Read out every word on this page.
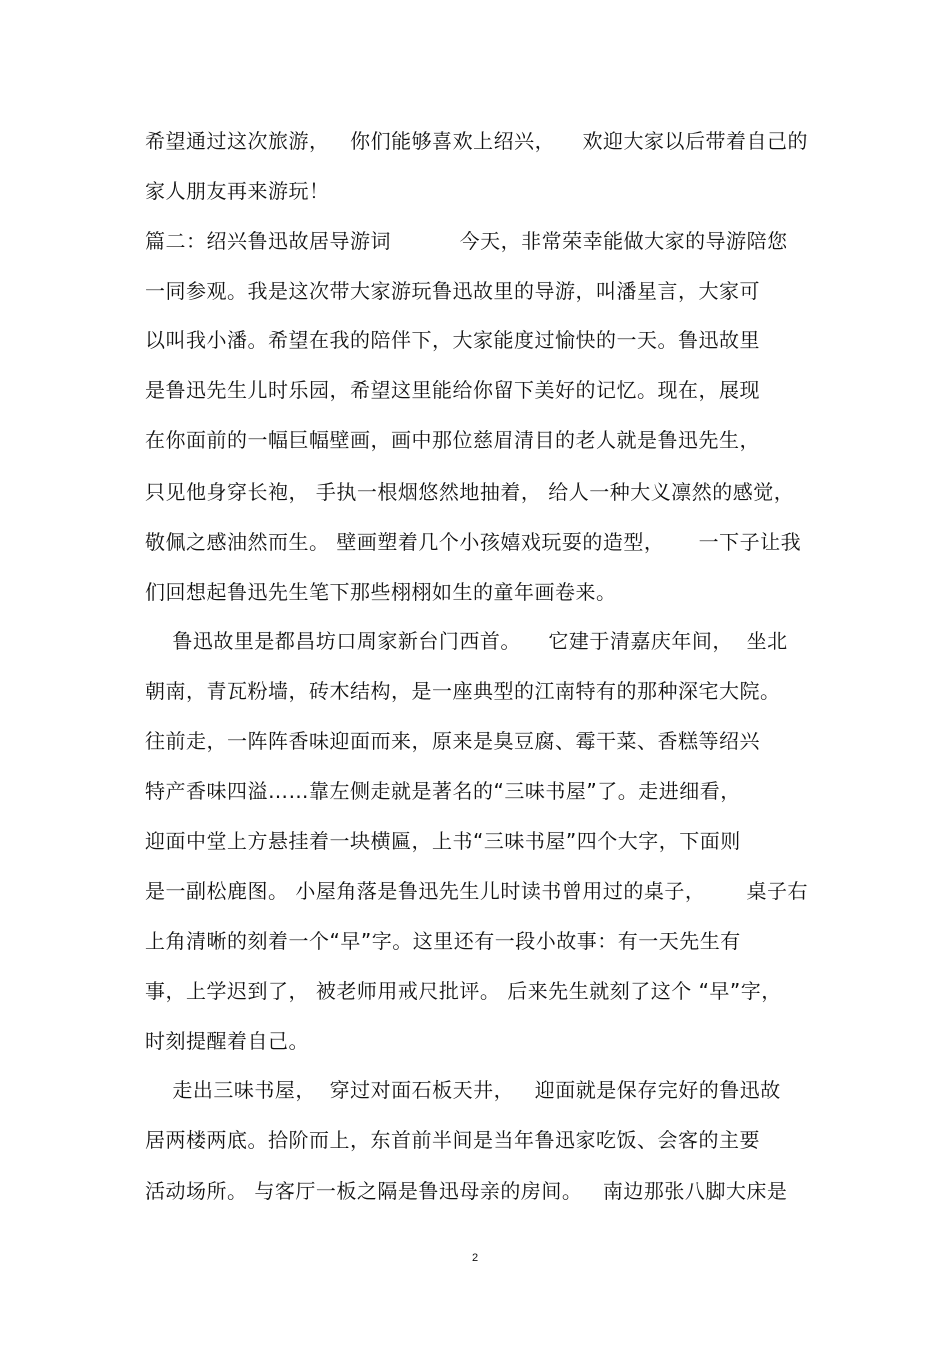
希望通过这次旅游，   你们能够喜欢上绍兴，    欢迎大家以后带着自己的
家人朋友再来游玩！
篇二：绍兴鲁迅故居导游词          今天，非常荣幸能做大家的导游陪您
一同参观。我是这次带大家游玩鲁迅故里的导游，叫潘星言，大家可
以叫我小潘。希望在我的陪伴下，大家能度过愉快的一天。鲁迅故里
是鲁迅先生儿时乐园，希望这里能给你留下美好的记忆。现在，展现
在你面前的一幅巨幅壁画，画中那位慈眉清目的老人就是鲁迅先生，
只见他身穿长袍， 手执一根烟悠然地抽着， 给人一种大义凛然的感觉，
敬佩之感油然而生。 壁画塑着几个小孩嬉戏玩耍的造型，     一下子让我
们回想起鲁迅先生笔下那些栩栩如生的童年画卷来。
鲁迅故里是都昌坊口周家新台门西首。    它建于清嘉庆年间，  坐北
朝南，青瓦粉墙，砖木结构，是一座典型的江南特有的那种深宅大院。
往前走，一阵阵香味迎面而来，原来是臭豆腐、霉干菜、香糕等绍兴
特产香味四溢……靠左侧走就是著名的“三味书屋”了。走进细看，
迎面中堂上方悬挂着一块横匾，上书“三味书屋”四个大字，下面则
是一副松鹿图。 小屋角落是鲁迅先生儿时读书曾用过的桌子，      桌子右
上角清晰的刻着一个“早”字。这里还有一段小故事：有一天先生有
事，上学迟到了， 被老师用戒尺批评。 后来先生就刻了这个 “早”字，
时刻提醒着自己。
走出三味书屋，  穿过对面石板天井，   迎面就是保存完好的鲁迅故
居两楼两底。拾阶而上，东首前半间是当年鲁迅家吃饭、会客的主要
活动场所。 与客厅一板之隔是鲁迅母亲的房间。   南边那张八脚大床是
2
